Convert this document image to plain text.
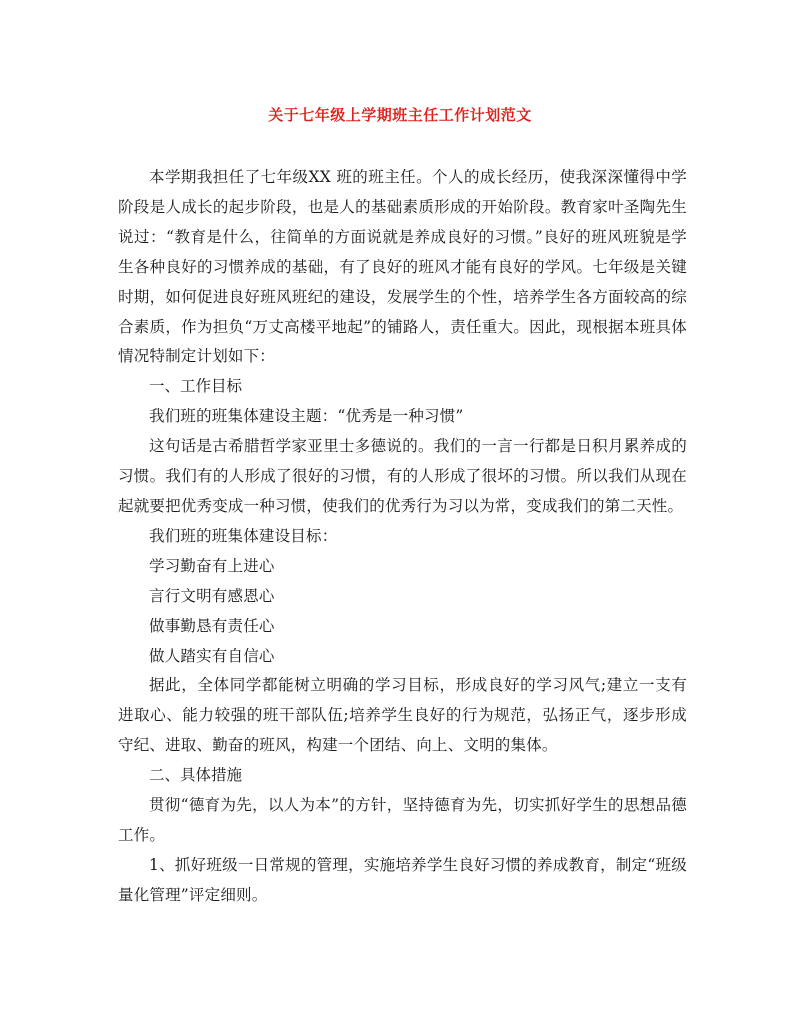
关于七年级上学期班主任工作计划范文

本学期我担任了七年级XX 班的班主任。个人的成长经历，使我深深懂得中学阶段是人成长的起步阶段，也是人的基础素质形成的开始阶段。教育家叶圣陶先生说过：“教育是什么，往简单的方面说就是养成良好的习惯。”良好的班风班貌是学生各种良好的习惯养成的基础，有了良好的班风才能有良好的学风。七年级是关键时期，如何促进良好班风班纪的建设，发展学生的个性，培养学生各方面较高的综合素质，作为担负“万丈高楼平地起”的铺路人，责任重大。因此，现根据本班具体情况特制定计划如下：

一、工作目标

我们班的班集体建设主题：“优秀是一种习惯”

这句话是古希腊哲学家亚里士多德说的。我们的一言一行都是日积月累养成的习惯。我们有的人形成了很好的习惯，有的人形成了很坏的习惯。所以我们从现在起就要把优秀变成一种习惯，使我们的优秀行为习以为常，变成我们的第二天性。

我们班的班集体建设目标：

学习勤奋有上进心

言行文明有感恩心

做事勤恳有责任心

做人踏实有自信心

据此，全体同学都能树立明确的学习目标，形成良好的学习风气;建立一支有进取心、能力较强的班干部队伍;培养学生良好的行为规范，弘扬正气，逐步形成守纪、进取、勤奋的班风，构建一个团结、向上、文明的集体。

二、具体措施

贯彻“德育为先，以人为本”的方针，坚持德育为先，切实抓好学生的思想品德工作。

1、抓好班级一日常规的管理，实施培养学生良好习惯的养成教育，制定“班级量化管理”评定细则。
